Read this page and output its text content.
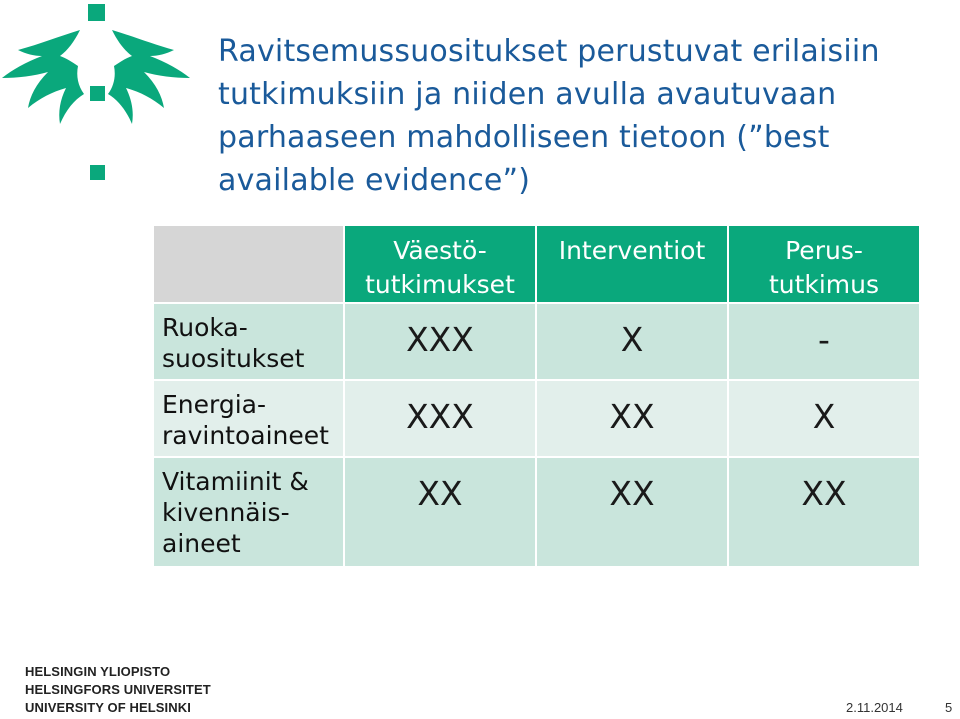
Ravitsemussuositukset perustuvat erilaisiin
tutkimuksiin ja niiden avulla avautuvaan
parhaaseen mahdolliseen tietoon (”best
available evidence”)
	Väestö-
tutkimukset	Interventiot	Perus-
tutkimus
Ruoka-
suositukset	XXX	X	-
Energia-
ravintoaineet	XXX	XX	X
Vitamiinit &
kivennäis-
aineet	XX	XX	XX
HELSINGIN YLIOPISTO
HELSINGFORS UNIVERSITET
UNIVERSITY OF HELSINKI	2.11.2014	5
